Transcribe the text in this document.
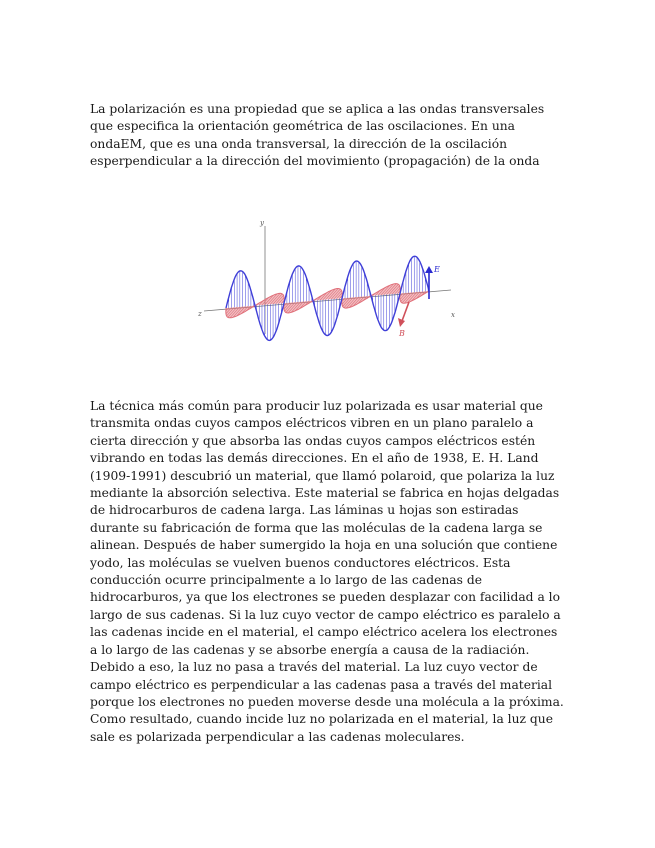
La polarización es una propiedad que se aplica a las ondas transversales que especifica la orientación geométrica de las oscilaciones. En una ondaEM, que es una onda transversal, la dirección de la oscilación esperpendicular a la dirección del movimiento (propagación) de la onda

y
z	x
E
B

La técnica más común para producir luz polarizada es usar material que transmita ondas cuyos campos eléctricos vibren en un plano paralelo a cierta dirección y que absorba las ondas cuyos campos eléctricos estén vibrando en todas las demás direcciones. En el año de 1938, E. H. Land (1909-1991) descubrió un material, que llamó polaroid, que polariza la luz mediante la absorción selectiva. Este material se fabrica en hojas delgadas de hidrocarburos de cadena larga. Las láminas u hojas son estiradas durante su fabricación de forma que las moléculas de la cadena larga se alinean. Después de haber sumergido la hoja en una solución que contiene yodo, las moléculas se vuelven buenos conductores eléctricos. Esta conducción ocurre principalmente a lo largo de las cadenas de hidrocarburos, ya que los electrones se pueden desplazar con facilidad a lo largo de sus cadenas. Si la luz cuyo vector de campo eléctrico es paralelo a las cadenas incide en el material, el campo eléctrico acelera los electrones a lo largo de las cadenas y se absorbe energía a causa de la radiación. Debido a eso, la luz no pasa a través del material. La luz cuyo vector de campo eléctrico es perpendicular a las cadenas pasa a través del material porque los electrones no pueden moverse desde una molécula a la próxima. Como resultado, cuando incide luz no polarizada en el material, la luz que sale es polarizada perpendicular a las cadenas moleculares.
